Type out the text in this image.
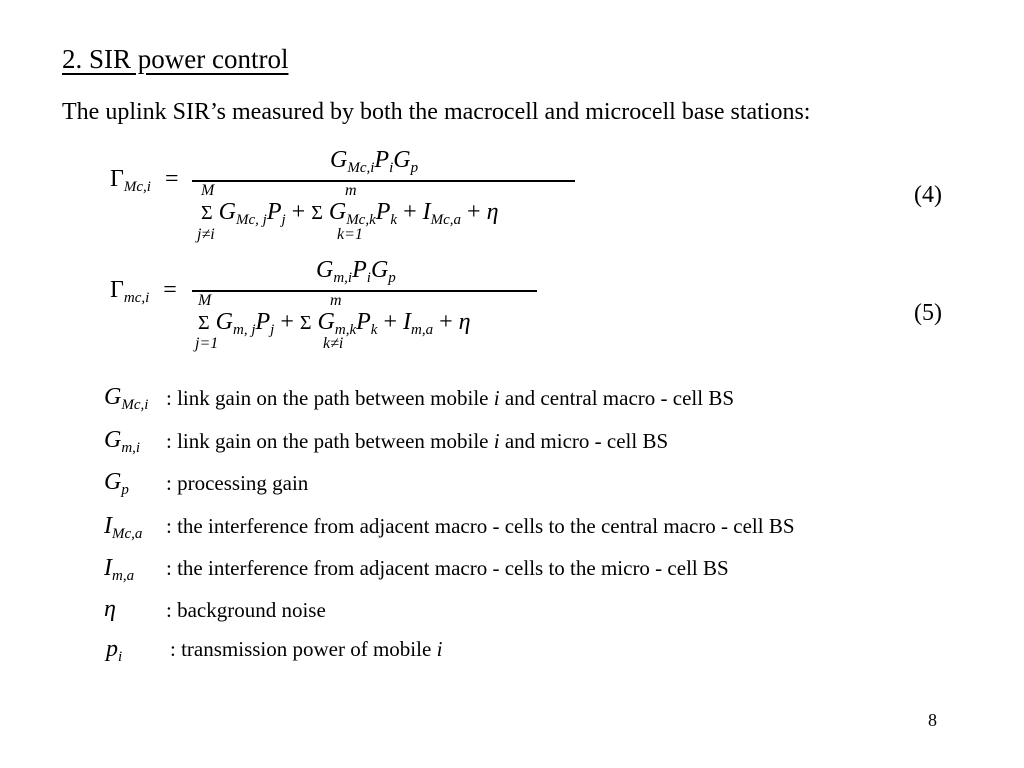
2. SIR power control
The uplink SIR’s measured by both the macrocell and microcell base stations:
$\Gamma_{Mc,i}$ =
$G_{Mc,i}P_iG_p$
M	m
Σ $G_{Mc, j}P_j + \Sigma$ $G_{Mc,k}P_k + I_{Mc,a} + \eta$
j≠i	k=1
(4)
$\Gamma_{mc,i}$ =
$G_{m,i}P_iG_p$
M	m
Σ $G_{m, j}P_j + \Sigma$ $G_{m,k}P_k + I_{m,a} + \eta$
j=1	k≠i
(5)
GMc,i : link gain on the path between mobile i and central macro - cell BS
Gm,i : link gain on the path between mobile i and micro - cell BS
Gp : processing gain
IMc,a : the interference from adjacent macro - cells to the central macro - cell BS
Im,a : the interference from adjacent macro - cells to the micro - cell BS
η : background noise
pi : transmission power of mobile i
8
